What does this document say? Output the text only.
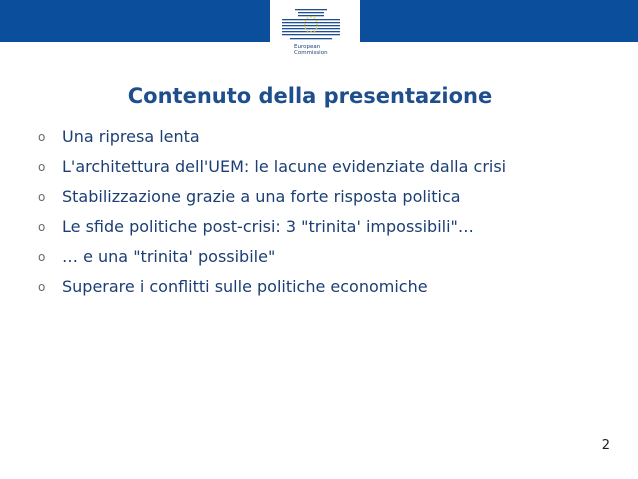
European
Commission
Contenuto della presentazione
o Una ripresa lenta
o L'architettura dell'UEM: le lacune evidenziate dalla crisi
o Stabilizzazione grazie a una forte risposta politica
o Le sfide politiche post-crisi: 3 "trinita' impossibili"…
o … e una "trinita' possibile"
o Superare i conflitti sulle politiche economiche
2
